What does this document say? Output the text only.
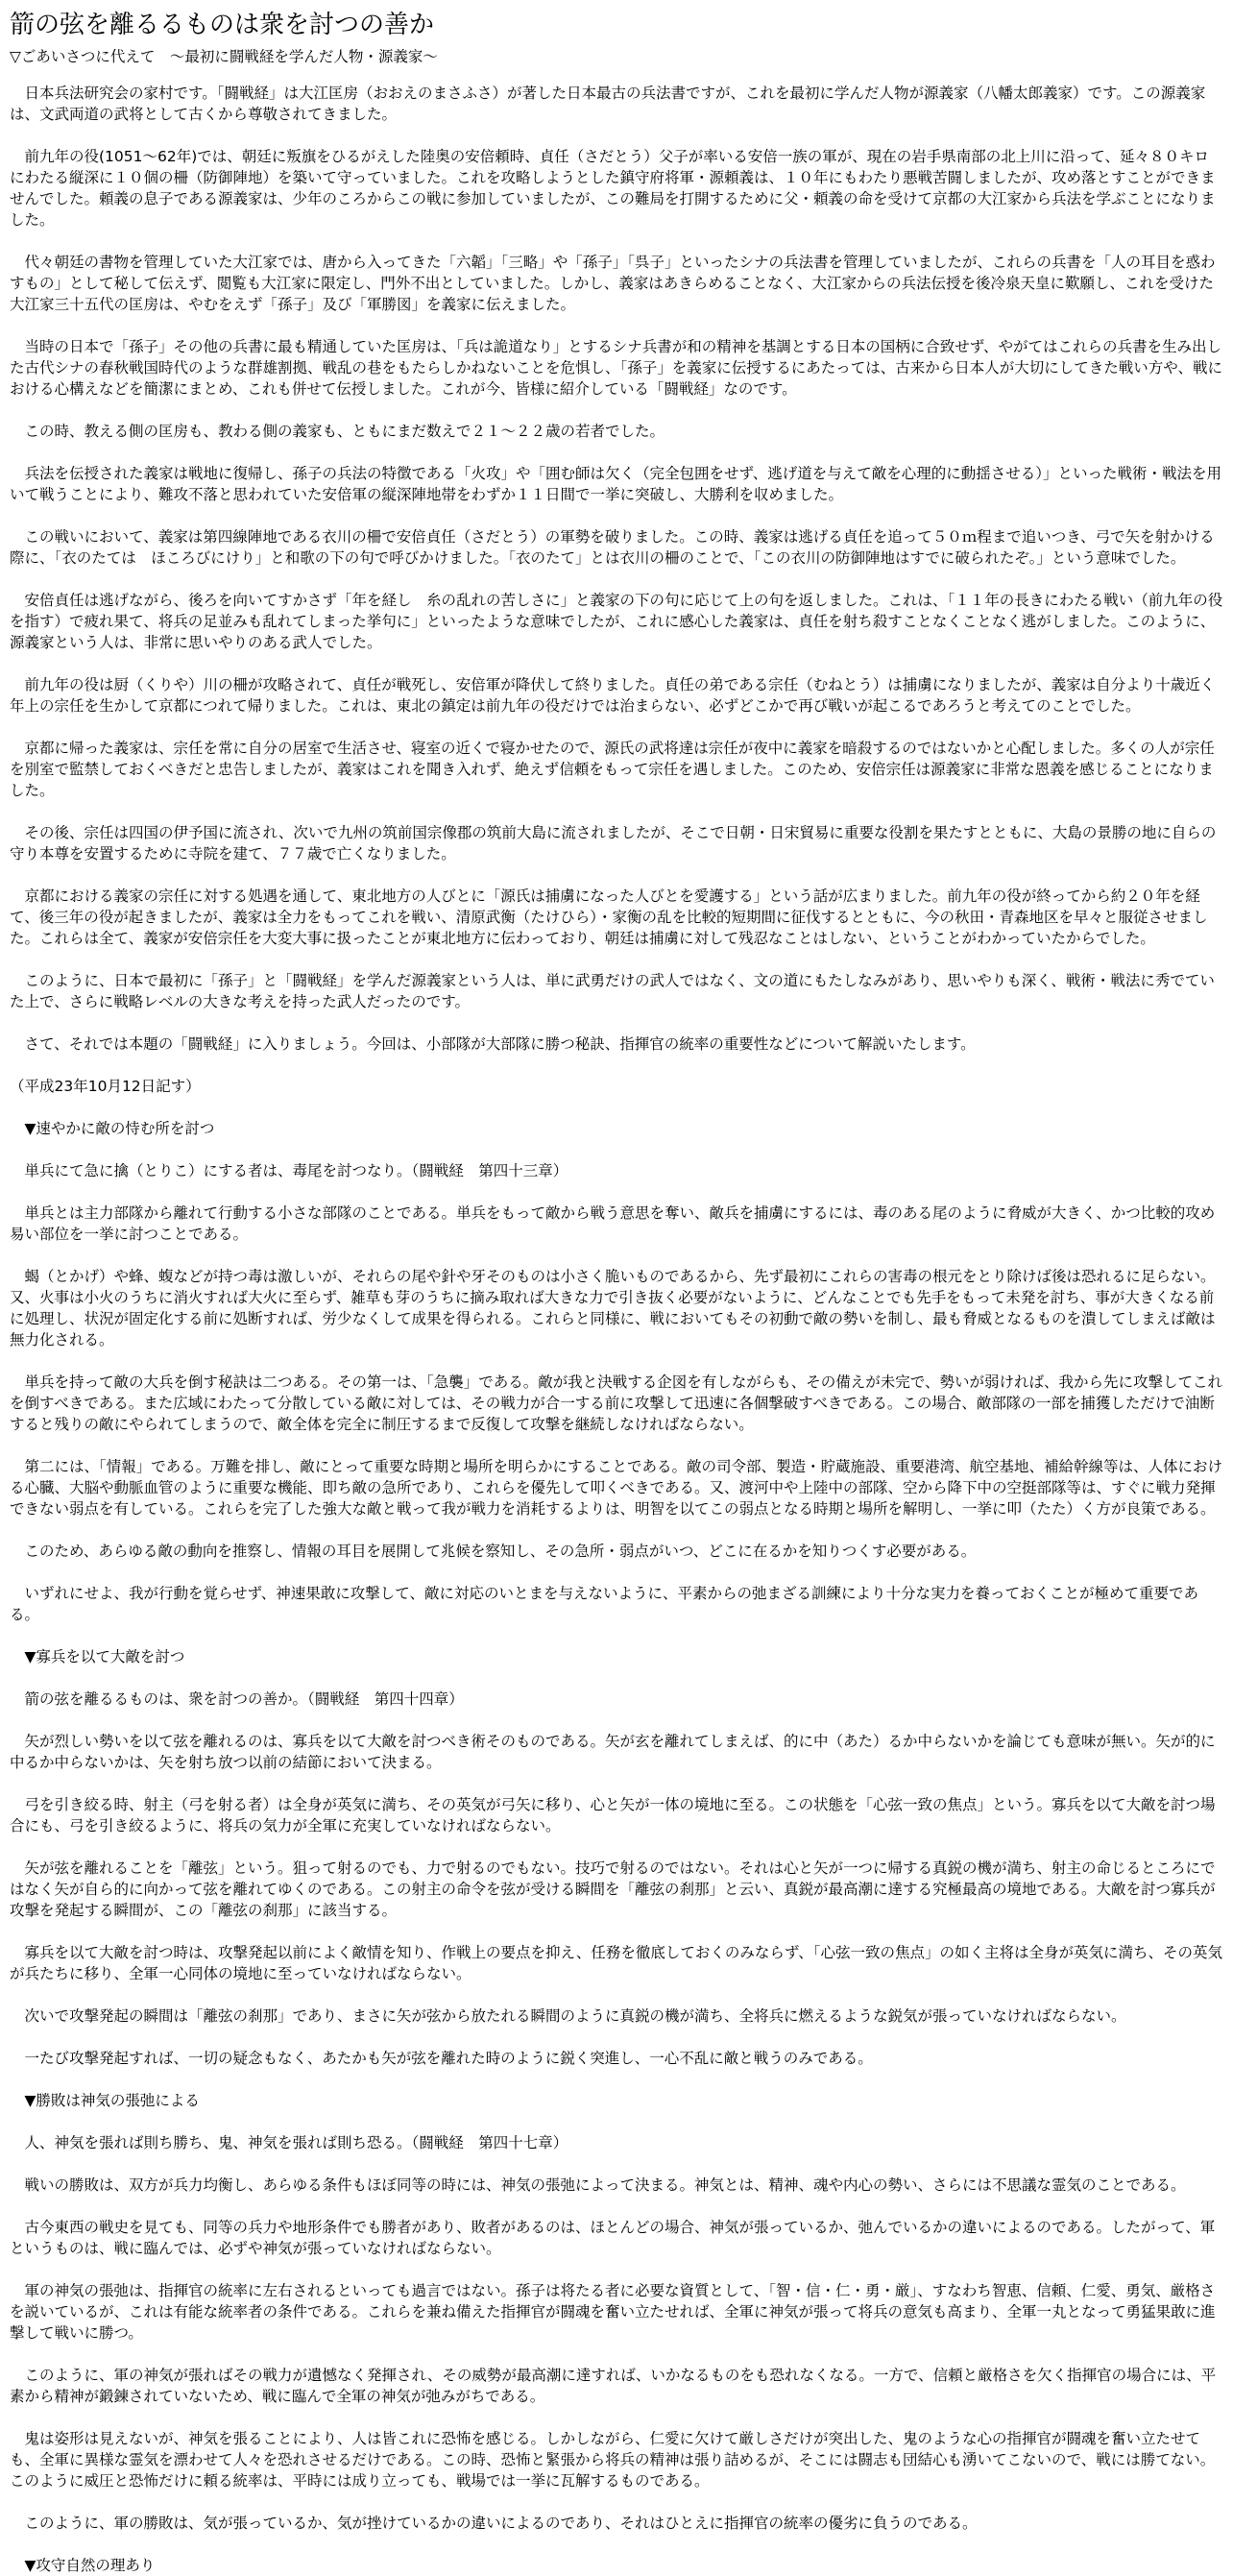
箭の弦を離るるものは衆を討つの善か
▽ごあいさつに代えて　～最初に闘戦経を学んだ人物・源義家～

日本兵法研究会の家村です。「闘戦経」は大江匡房（おおえのまさふさ）が著した日本最古の兵法書ですが、これを最初に学んだ人物が源義家（八幡太郎義家）です。この源義家は、文武両道の武将として古くから尊敬されてきました。

前九年の役(1051～62年)では、朝廷に叛旗をひるがえした陸奥の安倍頼時、貞任（さだとう）父子が率いる安倍一族の軍が、現在の岩手県南部の北上川に沿って、延々８０キロにわたる縦深に１０個の柵（防御陣地）を築いて守っていました。これを攻略しようとした鎮守府将軍・源頼義は、１０年にもわたり悪戦苦闘しましたが、攻め落とすことができませんでした。頼義の息子である源義家は、少年のころからこの戦に参加していましたが、この難局を打開するために父・頼義の命を受けて京都の大江家から兵法を学ぶことになりました。

代々朝廷の書物を管理していた大江家では、唐から入ってきた「六韜」「三略」や「孫子」「呉子」といったシナの兵法書を管理していましたが、これらの兵書を「人の耳目を惑わすもの」として秘して伝えず、閲覧も大江家に限定し、門外不出としていました。しかし、義家はあきらめることなく、大江家からの兵法伝授を後冷泉天皇に歎願し、これを受けた大江家三十五代の匡房は、やむをえず「孫子」及び「軍勝図」を義家に伝えました。

当時の日本で「孫子」その他の兵書に最も精通していた匡房は、「兵は詭道なり」とするシナ兵書が和の精神を基調とする日本の国柄に合致せず、やがてはこれらの兵書を生み出した古代シナの春秋戦国時代のような群雄割拠、戦乱の巷をもたらしかねないことを危惧し、「孫子」を義家に伝授するにあたっては、古来から日本人が大切にしてきた戦い方や、戦における心構えなどを簡潔にまとめ、これも併せて伝授しました。これが今、皆様に紹介している「闘戦経」なのです。

この時、教える側の匡房も、教わる側の義家も、ともにまだ数えで２１～２２歳の若者でした。

兵法を伝授された義家は戦地に復帰し、孫子の兵法の特徴である「火攻」や「囲む師は欠く（完全包囲をせず、逃げ道を与えて敵を心理的に動揺させる）」といった戦術・戦法を用いて戦うことにより、難攻不落と思われていた安倍軍の縦深陣地帯をわずか１１日間で一挙に突破し、大勝利を収めました。

この戦いにおいて、義家は第四線陣地である衣川の柵で安倍貞任（さだとう）の軍勢を破りました。この時、義家は逃げる貞任を追って５０ｍ程まで追いつき、弓で矢を射かける際に、「衣のたては　ほころびにけり」と和歌の下の句で呼びかけました。「衣のたて」とは衣川の柵のことで、「この衣川の防御陣地はすでに破られたぞ。」という意味でした。

安倍貞任は逃げながら、後ろを向いてすかさず「年を経し　糸の乱れの苦しさに」と義家の下の句に応じて上の句を返しました。これは、「１１年の長きにわたる戦い（前九年の役を指す）で疲れ果て、将兵の足並みも乱れてしまった挙句に」といったような意味でしたが、これに感心した義家は、貞任を射ち殺すことなくことなく逃がしました。このように、源義家という人は、非常に思いやりのある武人でした。

前九年の役は厨（くりや）川の柵が攻略されて、貞任が戦死し、安倍軍が降伏して終りました。貞任の弟である宗任（むねとう）は捕虜になりましたが、義家は自分より十歳近く年上の宗任を生かして京都につれて帰りました。これは、東北の鎮定は前九年の役だけでは治まらない、必ずどこかで再び戦いが起こるであろうと考えてのことでした。

京都に帰った義家は、宗任を常に自分の居室で生活させ、寝室の近くで寝かせたので、源氏の武将達は宗任が夜中に義家を暗殺するのではないかと心配しました。多くの人が宗任を別室で監禁しておくべきだと忠告しましたが、義家はこれを聞き入れず、絶えず信頼をもって宗任を遇しました。このため、安倍宗任は源義家に非常な恩義を感じることになりました。

その後、宗任は四国の伊予国に流され、次いで九州の筑前国宗像郡の筑前大島に流されましたが、そこで日朝・日宋貿易に重要な役割を果たすとともに、大島の景勝の地に自らの守り本尊を安置するために寺院を建て、７７歳で亡くなりました。

京都における義家の宗任に対する処遇を通して、東北地方の人びとに「源氏は捕虜になった人びとを愛護する」という話が広まりました。前九年の役が終ってから約２０年を経て、後三年の役が起きましたが、義家は全力をもってこれを戦い、清原武衡（たけひら）・家衡の乱を比較的短期間に征伐するとともに、今の秋田・青森地区を早々と服従させました。これらは全て、義家が安倍宗任を大変大事に扱ったことが東北地方に伝わっており、朝廷は捕虜に対して残忍なことはしない、ということがわかっていたからでした。

このように、日本で最初に「孫子」と「闘戦経」を学んだ源義家という人は、単に武勇だけの武人ではなく、文の道にもたしなみがあり、思いやりも深く、戦術・戦法に秀でていた上で、さらに戦略レベルの大きな考えを持った武人だったのです。

さて、それでは本題の「闘戦経」に入りましょう。今回は、小部隊が大部隊に勝つ秘訣、指揮官の統率の重要性などについて解説いたします。

（平成23年10月12日記す）
▼速やかに敵の恃む所を討つ

単兵にて急に擒（とりこ）にする者は、毒尾を討つなり。（闘戦経　第四十三章）

単兵とは主力部隊から離れて行動する小さな部隊のことである。単兵をもって敵から戦う意思を奪い、敵兵を捕虜にするには、毒のある尾のように脅威が大きく、かつ比較的攻め易い部位を一挙に討つことである。

蝎（とかげ）や蜂、蝮などが持つ毒は激しいが、それらの尾や針や牙そのものは小さく脆いものであるから、先ず最初にこれらの害毒の根元をとり除けば後は恐れるに足らない。又、火事は小火のうちに消火すれば大火に至らず、雑草も芽のうちに摘み取れば大きな力で引き抜く必要がないように、どんなことでも先手をもって未発を討ち、事が大きくなる前に処理し、状況が固定化する前に処断すれば、労少なくして成果を得られる。これらと同様に、戦においてもその初動で敵の勢いを制し、最も脅威となるものを潰してしまえば敵は無力化される。

単兵を持って敵の大兵を倒す秘訣は二つある。その第一は、「急襲」である。敵が我と決戦する企図を有しながらも、その備えが未完で、勢いが弱ければ、我から先に攻撃してこれを倒すべきである。また広域にわたって分散している敵に対しては、その戦力が合一する前に攻撃して迅速に各個撃破すべきである。この場合、敵部隊の一部を捕獲しただけで油断すると残りの敵にやられてしまうので、敵全体を完全に制圧するまで反復して攻撃を継続しなければならない。

第二には、「情報」である。万難を排し、敵にとって重要な時期と場所を明らかにすることである。敵の司令部、製造・貯蔵施設、重要港湾、航空基地、補給幹線等は、人体における心臓、大脳や動脈血管のように重要な機能、即ち敵の急所であり、これらを優先して叩くべきである。又、渡河中や上陸中の部隊、空から降下中の空挺部隊等は、すぐに戦力発揮できない弱点を有している。これらを完了した強大な敵と戦って我が戦力を消耗するよりは、明智を以てこの弱点となる時期と場所を解明し、一挙に叩（たた）く方が良策である。

このため、あらゆる敵の動向を推察し、情報の耳目を展開して兆候を察知し、その急所・弱点がいつ、どこに在るかを知りつくす必要がある。

いずれにせよ、我が行動を覚らせず、神速果敢に攻撃して、敵に対応のいとまを与えないように、平素からの弛まざる訓練により十分な実力を養っておくことが極めて重要である。

▼寡兵を以て大敵を討つ

箭の弦を離るるものは、衆を討つの善か。（闘戦経　第四十四章）

矢が烈しい勢いを以て弦を離れるのは、寡兵を以て大敵を討つべき術そのものである。矢が玄を離れてしまえば、的に中（あた）るか中らないかを論じても意味が無い。矢が的に中るか中らないかは、矢を射ち放つ以前の結節において決まる。

弓を引き絞る時、射主（弓を射る者）は全身が英気に満ち、その英気が弓矢に移り、心と矢が一体の境地に至る。この状態を「心弦一致の焦点」という。寡兵を以て大敵を討つ場合にも、弓を引き絞るように、将兵の気力が全軍に充実していなければならない。

矢が弦を離れることを「離弦」という。狙って射るのでも、力で射るのでもない。技巧で射るのではない。それは心と矢が一つに帰する真鋭の機が満ち、射主の命じるところにではなく矢が自ら的に向かって弦を離れてゆくのである。この射主の命令を弦が受ける瞬間を「離弦の刹那」と云い、真鋭が最高潮に達する究極最高の境地である。大敵を討つ寡兵が攻撃を発起する瞬間が、この「離弦の刹那」に該当する。

寡兵を以て大敵を討つ時は、攻撃発起以前によく敵情を知り、作戦上の要点を抑え、任務を徹底しておくのみならず、「心弦一致の焦点」の如く主将は全身が英気に満ち、その英気が兵たちに移り、全軍一心同体の境地に至っていなければならない。

次いで攻撃発起の瞬間は「離弦の刹那」であり、まさに矢が弦から放たれる瞬間のように真鋭の機が満ち、全将兵に燃えるような鋭気が張っていなければならない。

一たび攻撃発起すれば、一切の疑念もなく、あたかも矢が弦を離れた時のように鋭く突進し、一心不乱に敵と戦うのみである。

▼勝敗は神気の張弛による

人、神気を張れば則ち勝ち、鬼、神気を張れば則ち恐る。（闘戦経　第四十七章）

戦いの勝敗は、双方が兵力均衡し、あらゆる条件もほぼ同等の時には、神気の張弛によって決まる。神気とは、精神、魂や内心の勢い、さらには不思議な霊気のことである。

古今東西の戦史を見ても、同等の兵力や地形条件でも勝者があり、敗者があるのは、ほとんどの場合、神気が張っているか、弛んでいるかの違いによるのである。したがって、軍というものは、戦に臨んでは、必ずや神気が張っていなければならない。

軍の神気の張弛は、指揮官の統率に左右されるといっても過言ではない。孫子は将たる者に必要な資質として、「智・信・仁・勇・厳」、すなわち智恵、信頼、仁愛、勇気、厳格さを説いているが、これは有能な統率者の条件である。これらを兼ね備えた指揮官が闘魂を奮い立たせれば、全軍に神気が張って将兵の意気も高まり、全軍一丸となって勇猛果敢に進撃して戦いに勝つ。

このように、軍の神気が張ればその戦力が遺憾なく発揮され、その威勢が最高潮に達すれば、いかなるものをも恐れなくなる。一方で、信頼と厳格さを欠く指揮官の場合には、平素から精神が鍛錬されていないため、戦に臨んで全軍の神気が弛みがちである。

鬼は姿形は見えないが、神気を張ることにより、人は皆これに恐怖を感じる。しかしながら、仁愛に欠けて厳しさだけが突出した、鬼のような心の指揮官が闘魂を奮い立たせても、全軍に異様な霊気を漂わせて人々を恐れさせるだけである。この時、恐怖と緊張から将兵の精神は張り詰めるが、そこには闘志も団結心も湧いてこないので、戦には勝てない。このように威圧と恐怖だけに頼る統率は、平時には成り立っても、戦場では一挙に瓦解するものである。

このように、軍の勝敗は、気が張っているか、気が挫けているかの違いによるのであり、それはひとえに指揮官の統率の優劣に負うのである。

▼攻守自然の理あり
